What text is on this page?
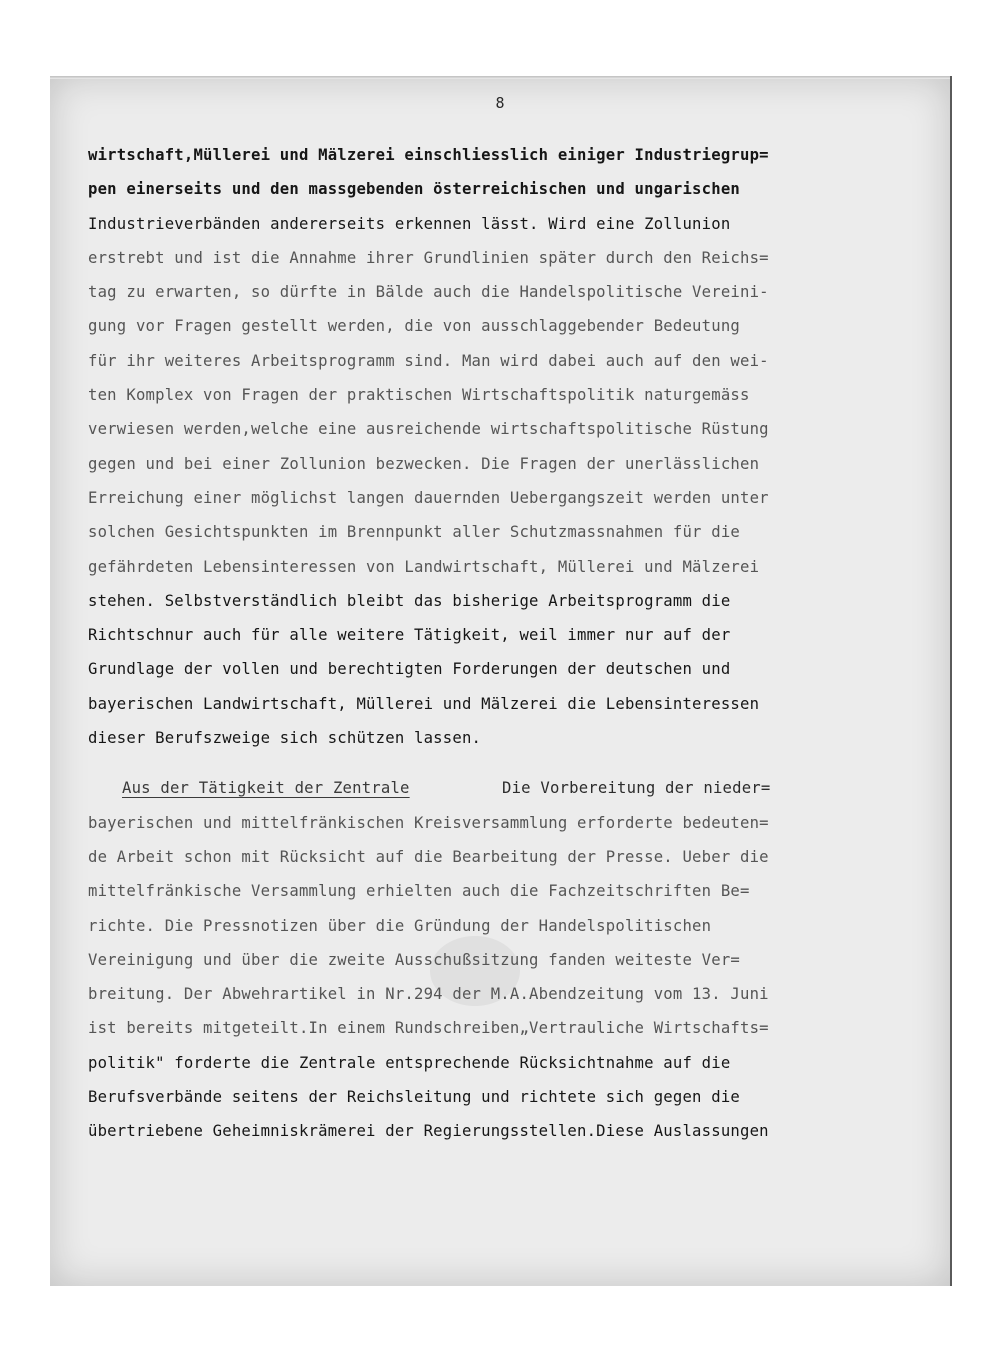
8
wirtschaft,Müllerei und Mälzerei einschliesslich einiger Industriegrup=
pen einerseits und den massgebenden österreichischen und ungarischen
Industrieverbänden andererseits erkennen lässt. Wird eine Zollunion
erstrebt und ist die Annahme ihrer Grundlinien später durch den Reichs=
tag zu erwarten, so dürfte in Bälde auch die Handelspolitische Vereini-
gung vor Fragen gestellt werden, die von ausschlaggebender Bedeutung
für ihr weiteres Arbeitsprogramm sind. Man wird dabei auch auf den wei-
ten Komplex von Fragen der praktischen Wirtschaftspolitik naturgemäss
verwiesen werden,welche eine ausreichende wirtschaftspolitische Rüstung
gegen und bei einer Zollunion bezwecken. Die Fragen der unerlässlichen
Erreichung einer möglichst langen dauernden Uebergangszeit werden unter
solchen Gesichtspunkten im Brennpunkt aller Schutzmassnahmen für die
gefährdeten Lebensinteressen von Landwirtschaft, Müllerei und Mälzerei
stehen. Selbstverständlich bleibt das bisherige Arbeitsprogramm die
Richtschnur auch für alle weitere Tätigkeit, weil immer nur auf der
Grundlage der vollen und berechtigten Forderungen der deutschen und
bayerischen Landwirtschaft, Müllerei und Mälzerei die Lebensinteressen
dieser Berufszweige sich schützen lassen.
Aus der Tätigkeit der Zentrale	Die Vorbereitung der nieder=
bayerischen und mittelfränkischen Kreisversammlung erforderte bedeuten=
de Arbeit schon mit Rücksicht auf die Bearbeitung der Presse. Ueber die
mittelfränkische Versammlung erhielten auch die Fachzeitschriften Be=
richte. Die Pressnotizen über die Gründung der Handelspolitischen
Vereinigung und über die zweite Ausschußsitzung fanden weiteste Ver=
breitung. Der Abwehrartikel in Nr.294 der M.A.Abendzeitung vom 13. Juni
ist bereits mitgeteilt.In einem Rundschreiben„Vertrauliche Wirtschafts=
politik" forderte die Zentrale entsprechende Rücksichtnahme auf die
Berufsverbände seitens der Reichsleitung und richtete sich gegen die
übertriebene Geheimniskrämerei der Regierungsstellen.Diese Auslassungen
